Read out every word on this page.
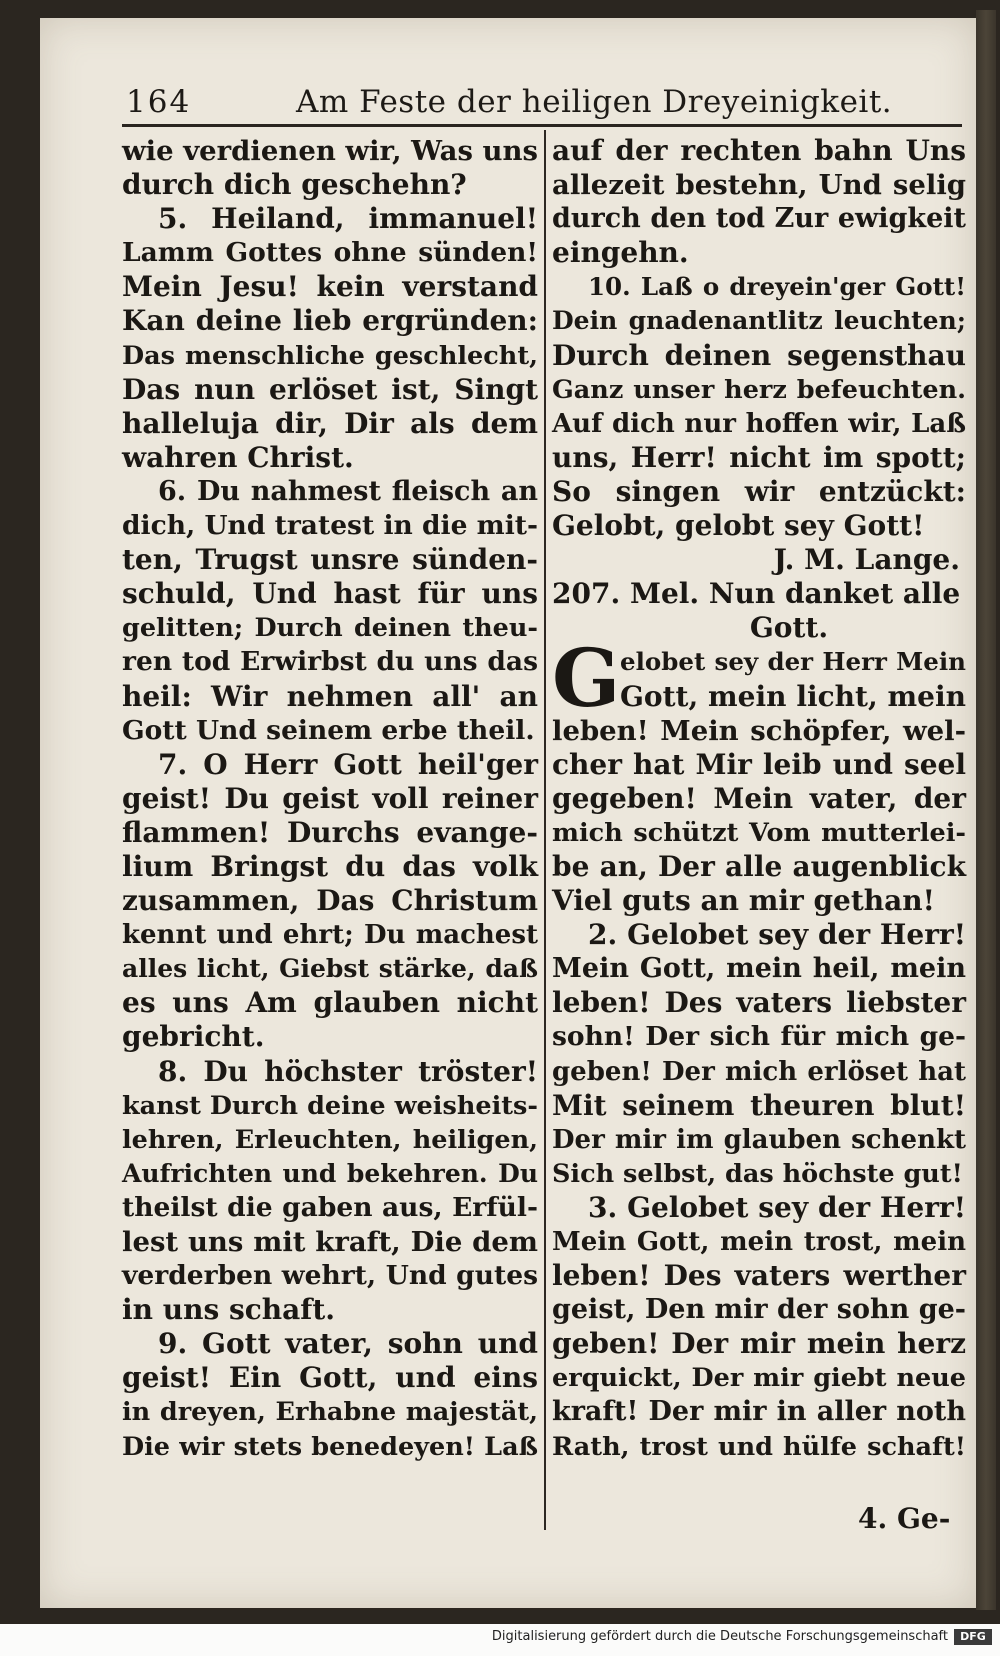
164	Am Feste der heiligen Dreyeinigkeit.
wie verdienen wir, Was uns
durch dich geschehn?
5. Heiland, immanuel!
Lamm Gottes ohne sünden!
Mein Jesu! kein verstand
Kan deine lieb ergründen:
Das menschliche geschlecht,
Das nun erlöset ist, Singt
halleluja dir, Dir als dem
wahren Christ.
6. Du nahmest fleisch an
dich, Und tratest in die mit-
ten, Trugst unsre sünden-
schuld, Und hast für uns
gelitten; Durch deinen theu-
ren tod Erwirbst du uns das
heil: Wir nehmen all' an
Gott Und seinem erbe theil.
7. O Herr Gott heil'ger
geist! Du geist voll reiner
flammen! Durchs evange-
lium Bringst du das volk
zusammen, Das Christum
kennt und ehrt; Du machest
alles licht, Giebst stärke, daß
es uns Am glauben nicht
gebricht.
8. Du höchster tröster!
kanst Durch deine weisheits-
lehren, Erleuchten, heiligen,
Aufrichten und bekehren. Du
theilst die gaben aus, Erfül-
lest uns mit kraft, Die dem
verderben wehrt, Und gutes
in uns schaft.
9. Gott vater, sohn und
geist! Ein Gott, und eins
in dreyen, Erhabne majestät,
Die wir stets benedeyen! Laß
auf der rechten bahn Uns
allezeit bestehn, Und selig
durch den tod Zur ewigkeit
eingehn.
10. Laß o dreyein'ger Gott!
Dein gnadenantlitz leuchten;
Durch deinen segensthau
Ganz unser herz befeuchten.
Auf dich nur hoffen wir, Laß
uns, Herr! nicht im spott;
So singen wir entzückt:
Gelobt, gelobt sey Gott!
J. M. Lange.
207. Mel. Nun danket alle
Gott.
elobet sey der Herr Mein
Gott, mein licht, mein
leben! Mein schöpfer, wel-
cher hat Mir leib und seel
gegeben! Mein vater, der
mich schützt Vom mutterlei-
be an, Der alle augenblick
Viel guts an mir gethan!
2. Gelobet sey der Herr!
Mein Gott, mein heil, mein
leben! Des vaters liebster
sohn! Der sich für mich ge-
geben! Der mich erlöset hat
Mit seinem theuren blut!
Der mir im glauben schenkt
Sich selbst, das höchste gut!
3. Gelobet sey der Herr!
Mein Gott, mein trost, mein
leben! Des vaters werther
geist, Den mir der sohn ge-
geben! Der mir mein herz
erquickt, Der mir giebt neue
kraft! Der mir in aller noth
Rath, trost und hülfe schaft!
G
4. Ge-
Digitalisierung gefördert durch die Deutsche Forschungsgemeinschaft	DFG
